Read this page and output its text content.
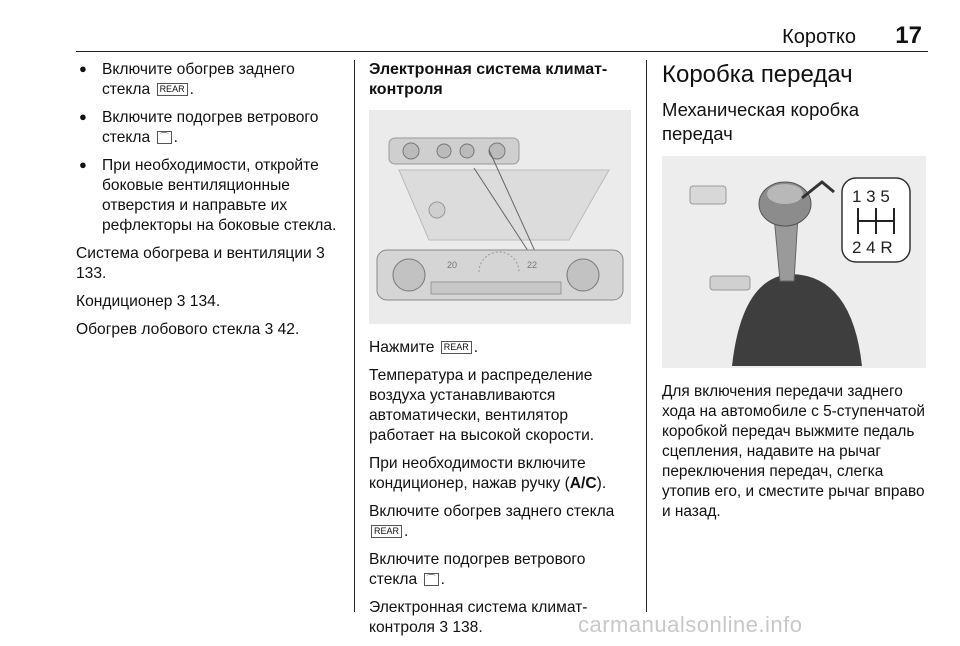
Коротко 17
● Включите обогрев заднего стекла REAR .
● Включите подогрев ветрового стекла ⌒ .
● При необходимости, откройте боковые вентиляционные отверстия и направьте их рефлекторы на боковые стекла.

Система обогрева и вентиляции 3 133.

Кондиционер 3 134.

Обогрев лобового стекла 3 42.

Электронная система климат-контроля
20	22

Нажмите REAR .

Температура и распределение воздуха устанавливаются автоматически, вентилятор работает на высокой скорости.

При необходимости включите кондиционер, нажав ручку (A/C).

Включите обогрев заднего стекла
REAR .

Включите подогрев ветрового стекла ⌒ .

Электронная система климат-контроля 3 138.

Коробка передач
Механическая коробка передач
1 3 5
2 4 R

Для включения передачи заднего хода на автомобиле с 5-ступенчатой коробкой передач выжмите педаль сцепления, надавите на рычаг переключения передач, слегка утопив его, и сместите рычаг вправо и назад.

carmanualsonline.info
